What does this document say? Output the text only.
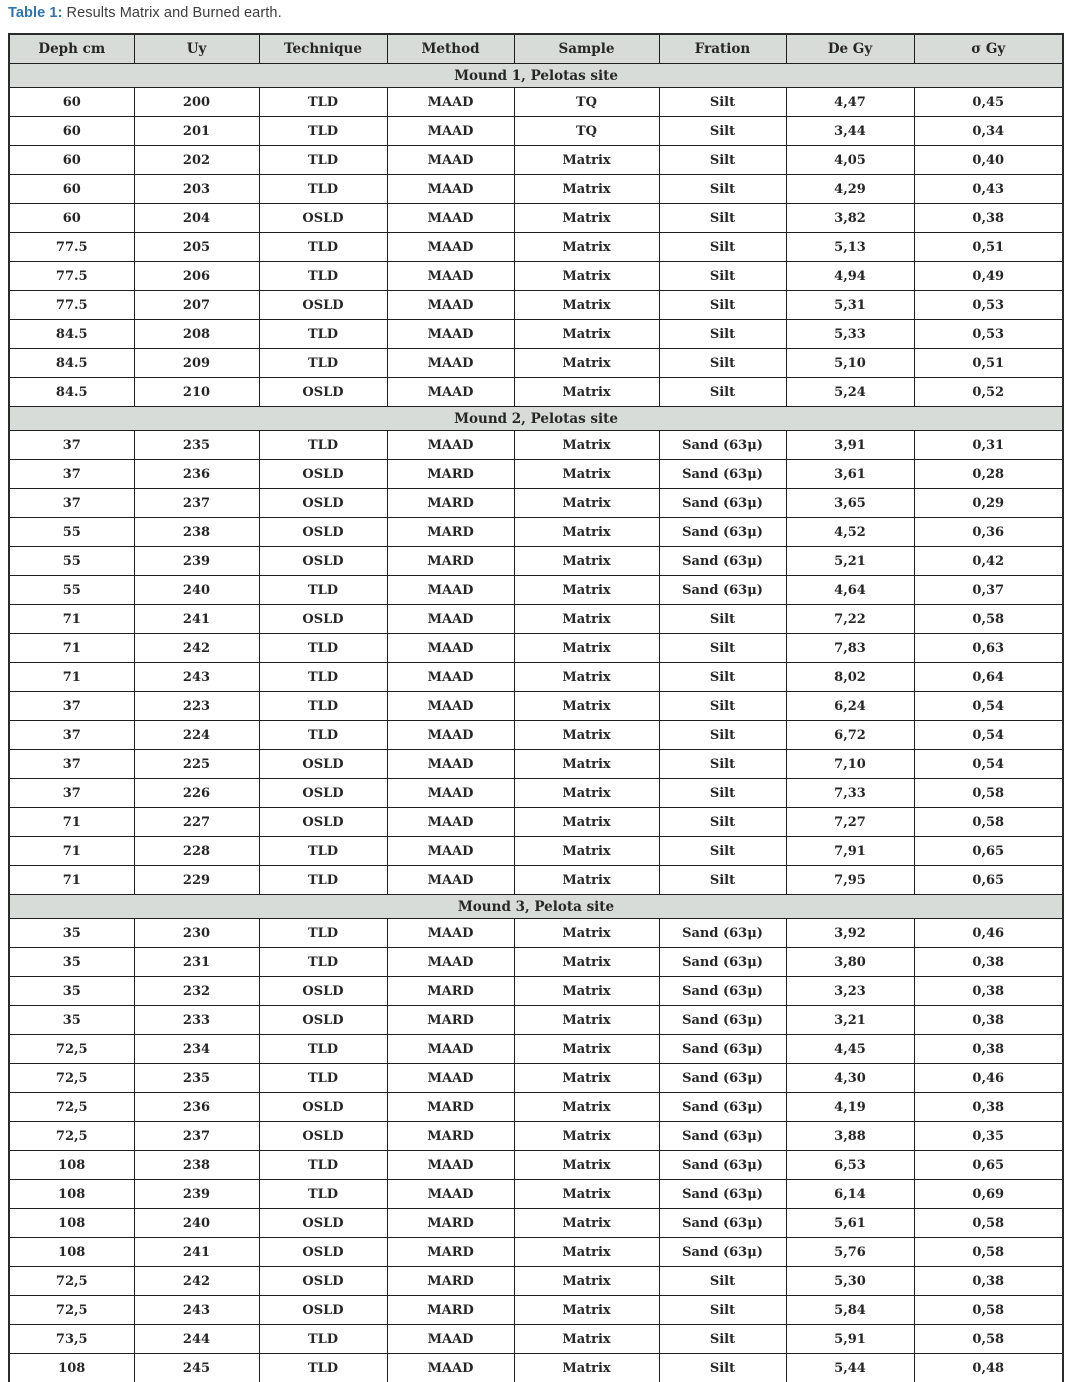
Table 1: Results Matrix and Burned earth.
Deph cm	Uy	Technique	Method	Sample	Fration	De Gy	σ Gy
Mound 1, Pelotas site							
60	200	TLD	MAAD	TQ	Silt	4,47	0,45
60	201	TLD	MAAD	TQ	Silt	3,44	0,34
60	202	TLD	MAAD	Matrix	Silt	4,05	0,40
60	203	TLD	MAAD	Matrix	Silt	4,29	0,43
60	204	OSLD	MAAD	Matrix	Silt	3,82	0,38
77.5	205	TLD	MAAD	Matrix	Silt	5,13	0,51
77.5	206	TLD	MAAD	Matrix	Silt	4,94	0,49
77.5	207	OSLD	MAAD	Matrix	Silt	5,31	0,53
84.5	208	TLD	MAAD	Matrix	Silt	5,33	0,53
84.5	209	TLD	MAAD	Matrix	Silt	5,10	0,51
84.5	210	OSLD	MAAD	Matrix	Silt	5,24	0,52
Mound 2, Pelotas site							
37	235	TLD	MAAD	Matrix	Sand (63μ)	3,91	0,31
37	236	OSLD	MARD	Matrix	Sand (63μ)	3,61	0,28
37	237	OSLD	MARD	Matrix	Sand (63μ)	3,65	0,29
55	238	OSLD	MARD	Matrix	Sand (63μ)	4,52	0,36
55	239	OSLD	MARD	Matrix	Sand (63μ)	5,21	0,42
55	240	TLD	MAAD	Matrix	Sand (63μ)	4,64	0,37
71	241	OSLD	MAAD	Matrix	Silt	7,22	0,58
71	242	TLD	MAAD	Matrix	Silt	7,83	0,63
71	243	TLD	MAAD	Matrix	Silt	8,02	0,64
37	223	TLD	MAAD	Matrix	Silt	6,24	0,54
37	224	TLD	MAAD	Matrix	Silt	6,72	0,54
37	225	OSLD	MAAD	Matrix	Silt	7,10	0,54
37	226	OSLD	MAAD	Matrix	Silt	7,33	0,58
71	227	OSLD	MAAD	Matrix	Silt	7,27	0,58
71	228	TLD	MAAD	Matrix	Silt	7,91	0,65
71	229	TLD	MAAD	Matrix	Silt	7,95	0,65
Mound 3, Pelota site							
35	230	TLD	MAAD	Matrix	Sand (63μ)	3,92	0,46
35	231	TLD	MAAD	Matrix	Sand (63μ)	3,80	0,38
35	232	OSLD	MARD	Matrix	Sand (63μ)	3,23	0,38
35	233	OSLD	MARD	Matrix	Sand (63μ)	3,21	0,38
72,5	234	TLD	MAAD	Matrix	Sand (63μ)	4,45	0,38
72,5	235	TLD	MAAD	Matrix	Sand (63μ)	4,30	0,46
72,5	236	OSLD	MARD	Matrix	Sand (63μ)	4,19	0,38
72,5	237	OSLD	MARD	Matrix	Sand (63μ)	3,88	0,35
108	238	TLD	MAAD	Matrix	Sand (63μ)	6,53	0,65
108	239	TLD	MAAD	Matrix	Sand (63μ)	6,14	0,69
108	240	OSLD	MARD	Matrix	Sand (63μ)	5,61	0,58
108	241	OSLD	MARD	Matrix	Sand (63μ)	5,76	0,58
72,5	242	OSLD	MARD	Matrix	Silt	5,30	0,38
72,5	243	OSLD	MARD	Matrix	Silt	5,84	0,58
73,5	244	TLD	MAAD	Matrix	Silt	5,91	0,58
108	245	TLD	MAAD	Matrix	Silt	5,44	0,48
